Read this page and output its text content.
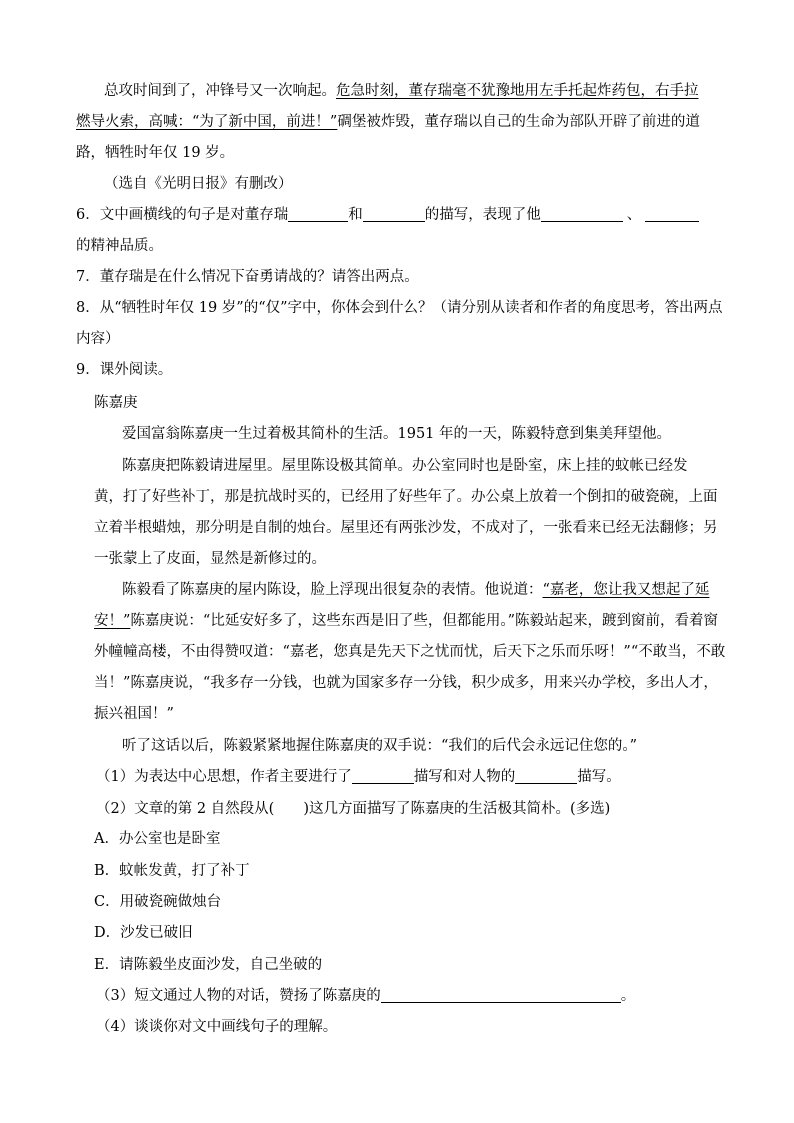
总攻时间到了，冲锋号又一次响起。危急时刻，董存瑞毫不犹豫地用左手托起炸药包，右手拉
燃导火索，高喊：“为了新中国，前进！”碉堡被炸毁，董存瑞以自己的生命为部队开辟了前进的道
路，牺牲时年仅 19 岁。
（选自《光明日报》有删改）
6．文中画横线的句子是对董存瑞	和	的描写，表现了他	、
的精神品质。
7．董存瑞是在什么情况下奋勇请战的？请答出两点。
8．从“牺牲时年仅 19 岁”的“仅”字中，你体会到什么？（请分别从读者和作者的角度思考，答出两点
内容）
9．课外阅读。
陈嘉庚
爱国富翁陈嘉庚一生过着极其简朴的生活。1951 年的一天，陈毅特意到集美拜望他。
陈嘉庚把陈毅请进屋里。屋里陈设极其简单。办公室同时也是卧室，床上挂的蚊帐已经发
黄，打了好些补丁，那是抗战时买的，已经用了好些年了。办公桌上放着一个倒扣的破瓷碗，上面
立着半根蜡烛，那分明是自制的烛台。屋里还有两张沙发，不成对了，一张看来已经无法翻修；另
一张蒙上了皮面，显然是新修过的。
陈毅看了陈嘉庚的屋内陈设，脸上浮现出很复杂的表情。他说道：“嘉老，您让我又想起了延
安！”陈嘉庚说：“比延安好多了，这些东西是旧了些，但都能用。”陈毅站起来，踱到窗前，看着窗
外幢幢高楼，不由得赞叹道：“嘉老，您真是先天下之忧而忧，后天下之乐而乐呀！”“不敢当，不敢
当！”陈嘉庚说，“我多存一分钱，也就为国家多存一分钱，积少成多，用来兴办学校，多出人才，
振兴祖国！”
听了这话以后，陈毅紧紧地握住陈嘉庚的双手说：“我们的后代会永远记住您的。”
（1）为表达中心思想，作者主要进行了	描写和对人物的	描写。
（2）文章的第 2 自然段从(　　)这几方面描写了陈嘉庚的生活极其简朴。(多选)
A．办公室也是卧室
B．蚊帐发黄，打了补丁
C．用破瓷碗做烛台
D．沙发已破旧
E．请陈毅坐皮面沙发，自己坐破的
（3）短文通过人物的对话，赞扬了陈嘉庚的	。
（4）谈谈你对文中画线句子的理解。
